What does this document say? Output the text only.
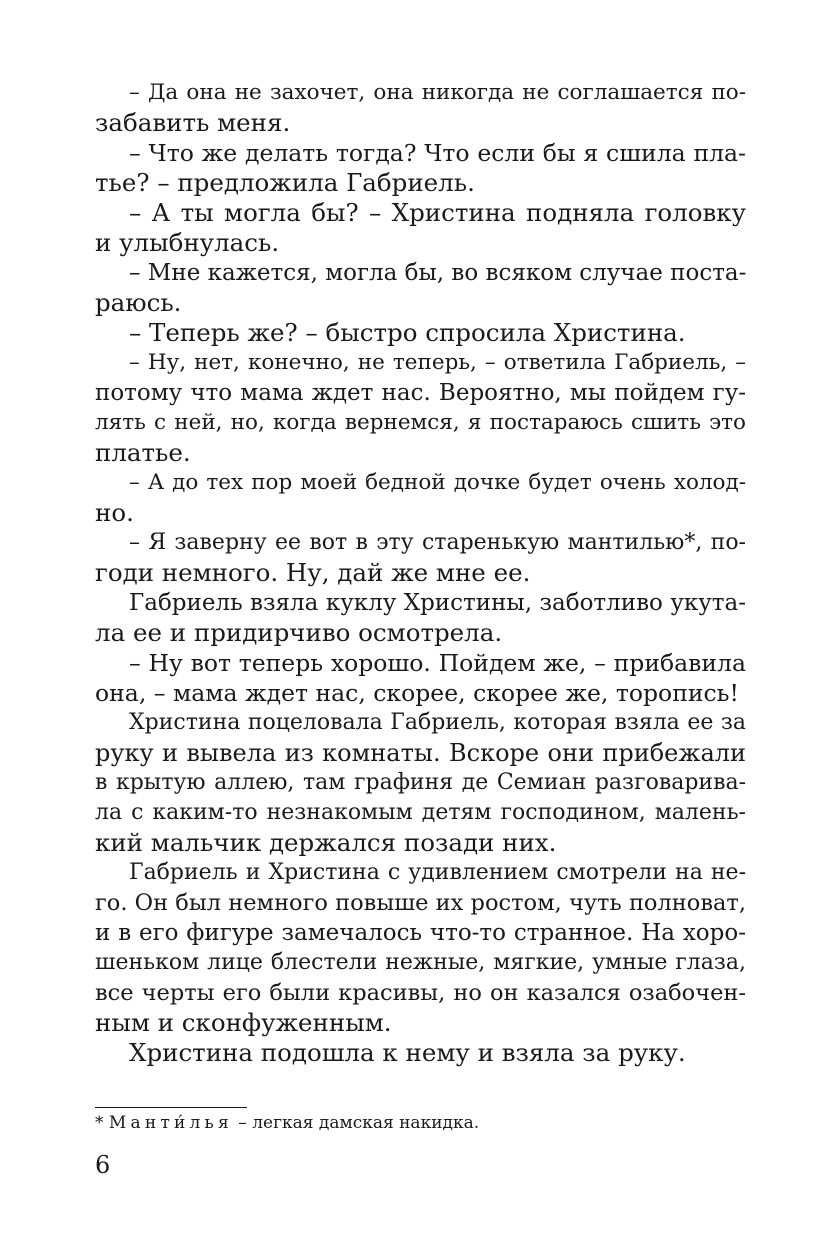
– Да она не захочет, она никогда не соглашается по-
забавить меня.
– Что же делать тогда? Что если бы я сшила пла-
тье? – предложила Габриель.
– А ты могла бы? – Христина подняла головку
и улыбнулась.
– Мне кажется, могла бы, во всяком случае поста-
раюсь.
– Теперь же? – быстро спросила Христина.
– Ну, нет, конечно, не теперь, – ответила Габриель, –
потому что мама ждет нас. Вероятно, мы пойдем гу-
лять с ней, но, когда вернемся, я постараюсь сшить это
платье.
– А до тех пор моей бедной дочке будет очень холод-
но.
– Я заверну ее вот в эту старенькую мантилью*, по-
годи немного. Ну, дай же мне ее.
Габриель взяла куклу Христины, заботливо укута-
ла ее и придирчиво осмотрела.
– Ну вот теперь хорошо. Пойдем же, – прибавила
она, – мама ждет нас, скорее, скорее же, торопись!
Христина поцеловала Габриель, которая взяла ее за
руку и вывела из комнаты. Вскоре они прибежали
в крытую аллею, там графиня де Семиан разговарива-
ла с каким-то незнакомым детям господином, малень-
кий мальчик держался позади них.
Габриель и Христина с удивлением смотрели на не-
го. Он был немного повыше их ростом, чуть полноват,
и в его фигуре замечалось что-то странное. На хоро-
шеньком лице блестели нежные, мягкие, умные глаза,
все черты его были красивы, но он казался озабочен-
ным и сконфуженным.
Христина подошла к нему и взяла за руку.
* Манти́лья – легкая дамская накидка.
6
